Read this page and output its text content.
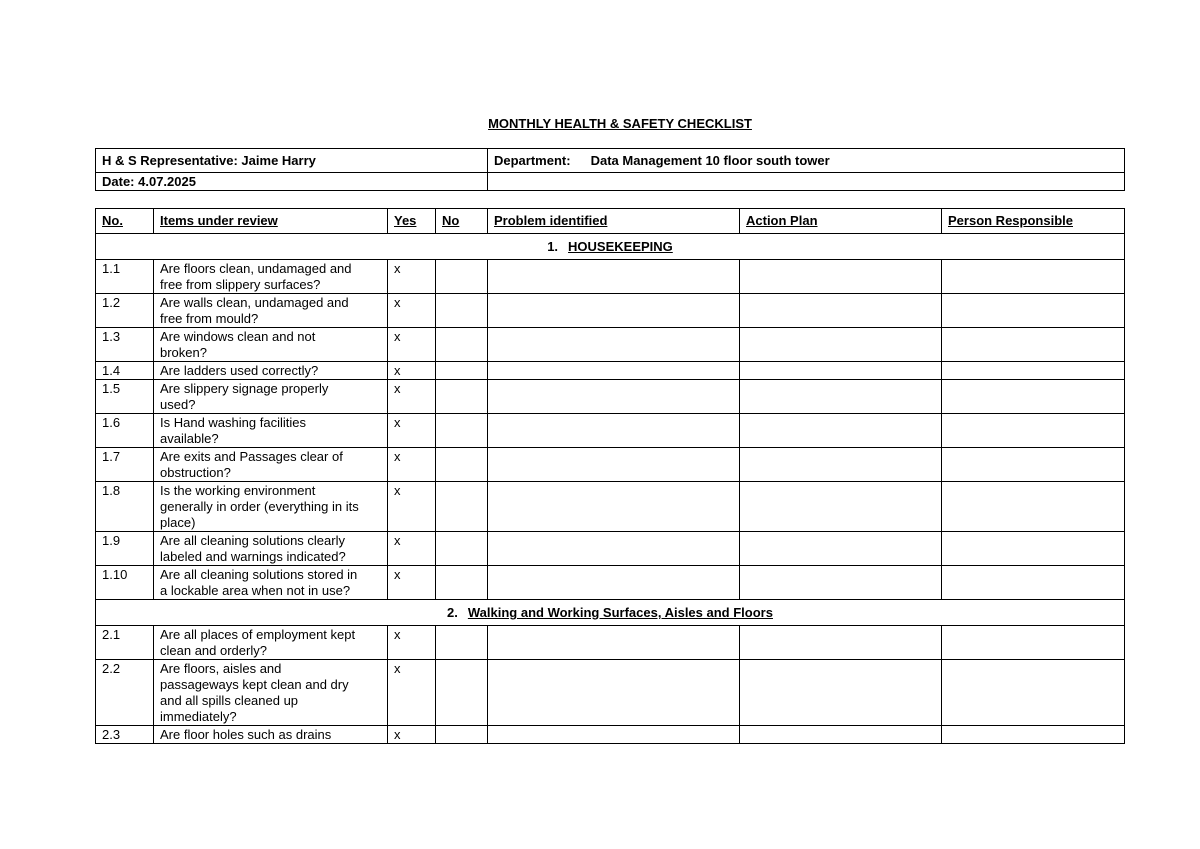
MONTHLY HEALTH & SAFETY CHECKLIST
H & S Representative: Jaime Harry	Department: Data Management 10 floor south tower
Date: 4.07.2025	
No.	Items under review	Yes	No	Problem identified	Action Plan	Person Responsible
1. HOUSEKEEPING						
1.1	Are floors clean, undamaged and
free from slippery surfaces?	x				
1.2	Are walls clean, undamaged and
free from mould?	x				
1.3	Are windows clean and not
broken?	x				
1.4	Are ladders used correctly?	x				
1.5	Are slippery signage properly
used?	x				
1.6	Is Hand washing facilities
available?	x				
1.7	Are exits and Passages clear of
obstruction?	x				
1.8	Is the working environment
generally in order (everything in its
place)	x				
1.9	Are all cleaning solutions clearly
labeled and warnings indicated?	x				
1.10	Are all cleaning solutions stored in
a lockable area when not in use?	x				
2. Walking and Working Surfaces, Aisles and Floors						
2.1	Are all places of employment kept
clean and orderly?	x				
2.2	Are floors, aisles and
passageways kept clean and dry
and all spills cleaned up
immediately?	x				
2.3	Are floor holes such as drains	x				
